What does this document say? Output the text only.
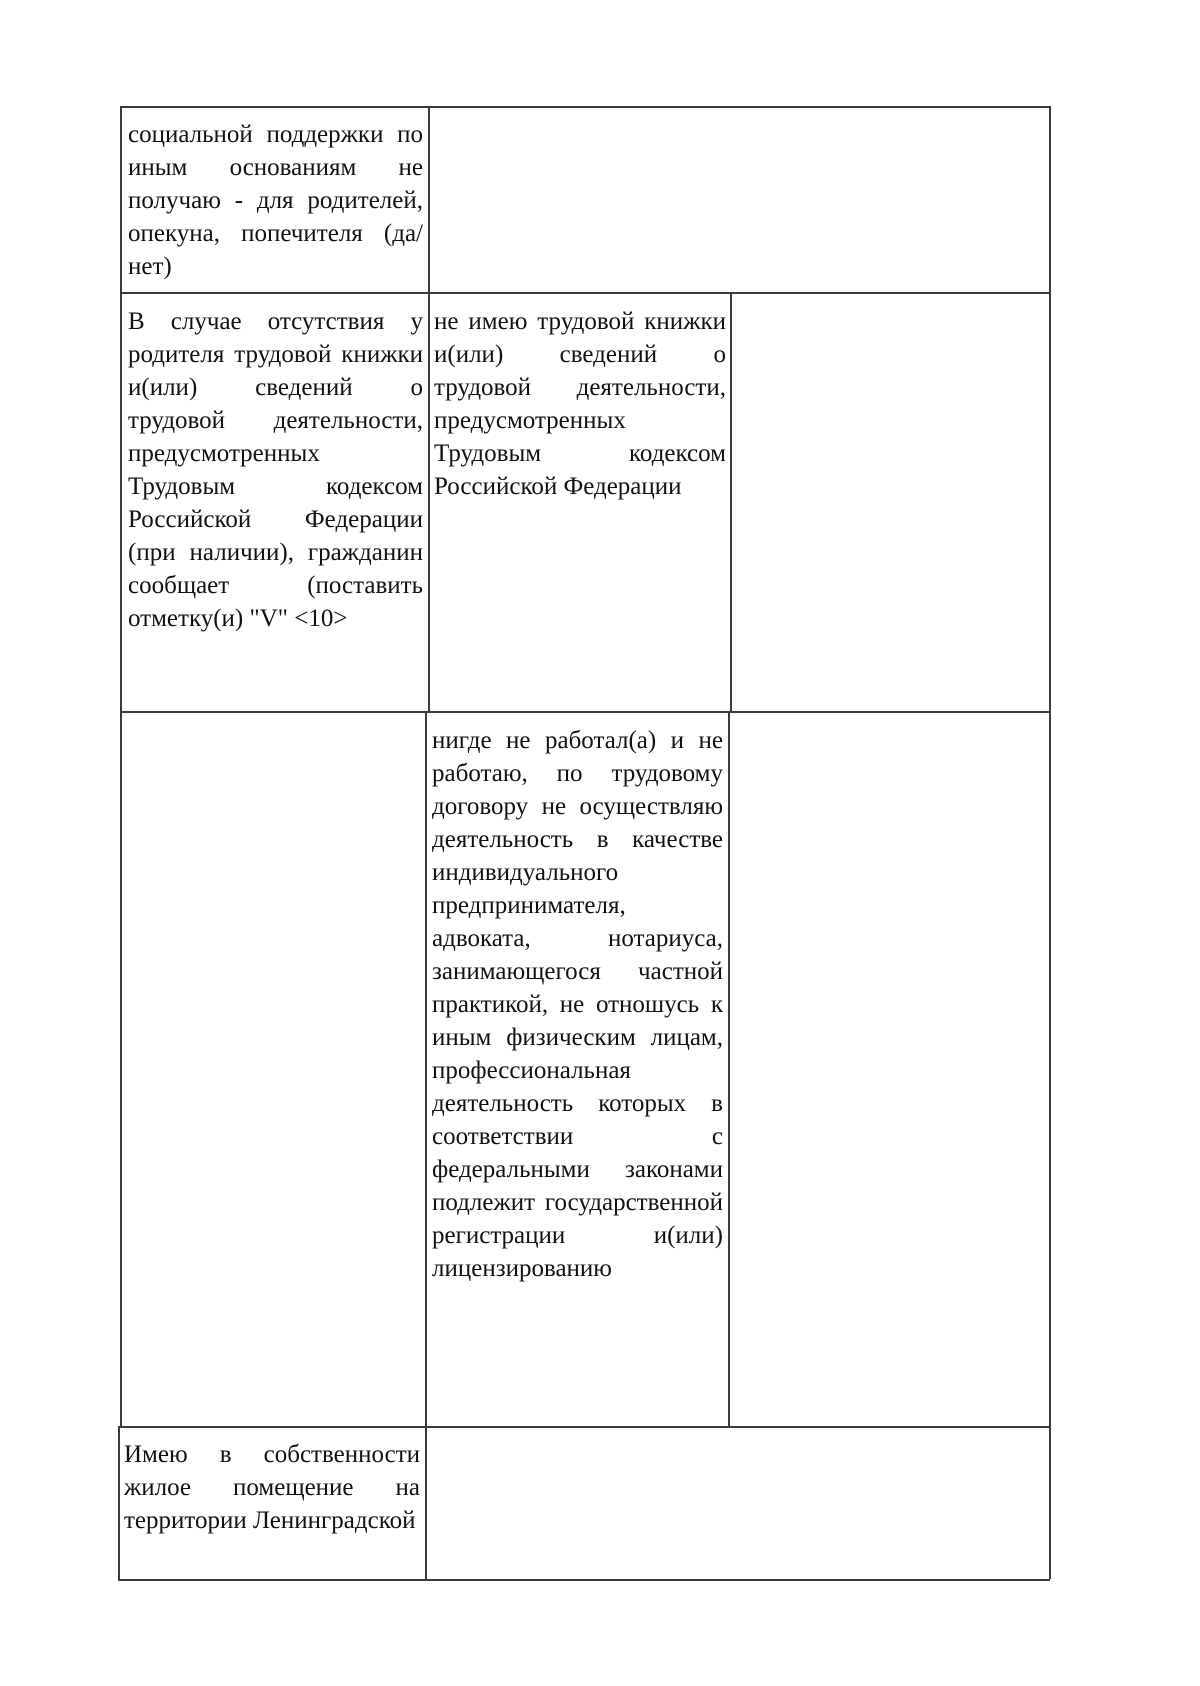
социальной поддержки по иным основаниям не получаю - для родителей, опекуна, попечителя (да/нет)

В случае отсутствия у родителя трудовой книжки и(или) сведений о трудовой деятельности, предусмотренных Трудовым кодексом Российской Федерации (при наличии), гражданин сообщает (поставить отметку(и) "V" <10>

не имею трудовой книжки и(или) сведений о трудовой деятельности, предусмотренных Трудовым кодексом Российской Федерации

нигде не работал(а) и не работаю, по трудовому договору не осуществляю деятельность в качестве индивидуального предпринимателя, адвоката, нотариуса, занимающегося частной практикой, не отношусь к иным физическим лицам, профессиональная деятельность которых в соответствии с федеральными законами подлежит государственной регистрации и(или) лицензированию

Имею в собственности жилое помещение на территории Ленинградской
